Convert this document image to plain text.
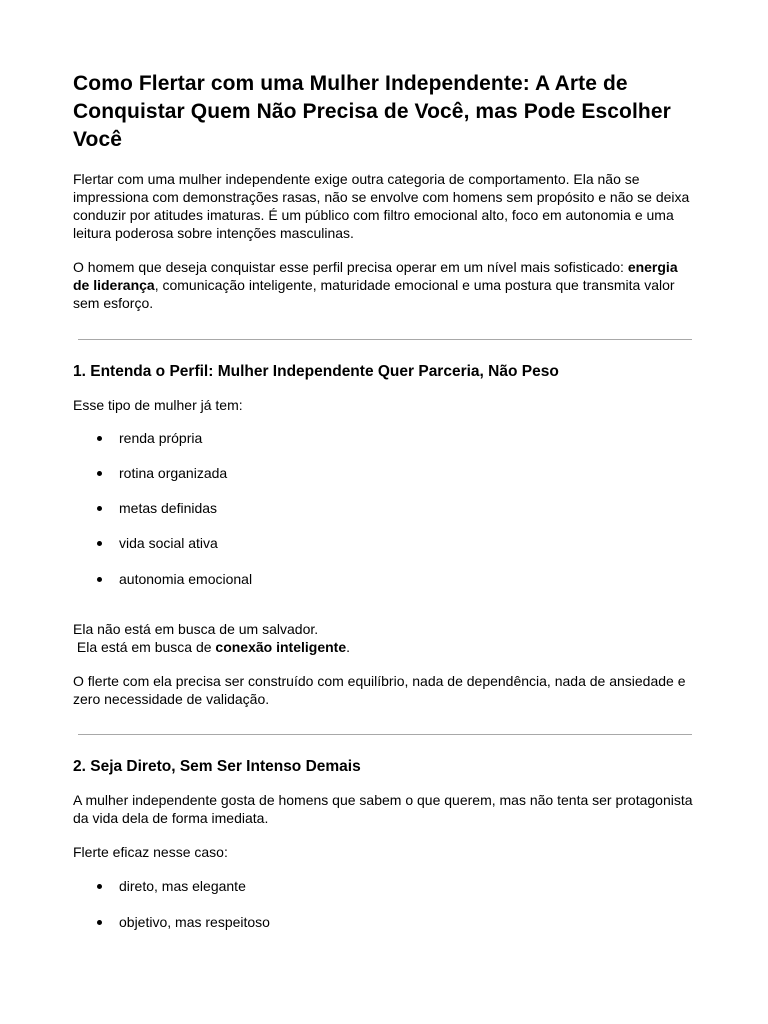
Como Flertar com uma Mulher Independente: A Arte de Conquistar Quem Não Precisa de Você, mas Pode Escolher Você

Flertar com uma mulher independente exige outra categoria de comportamento. Ela não se impressiona com demonstrações rasas, não se envolve com homens sem propósito e não se deixa conduzir por atitudes imaturas. É um público com filtro emocional alto, foco em autonomia e uma leitura poderosa sobre intenções masculinas.

O homem que deseja conquistar esse perfil precisa operar em um nível mais sofisticado: energia de liderança, comunicação inteligente, maturidade emocional e uma postura que transmita valor sem esforço.

1. Entenda o Perfil: Mulher Independente Quer Parceria, Não Peso

Esse tipo de mulher já tem:

renda própria
rotina organizada
metas definidas
vida social ativa
autonomia emocional

Ela não está em busca de um salvador.

Ela está em busca de conexão inteligente.

O flerte com ela precisa ser construído com equilíbrio, nada de dependência, nada de ansiedade e zero necessidade de validação.

2. Seja Direto, Sem Ser Intenso Demais

A mulher independente gosta de homens que sabem o que querem, mas não tenta ser protagonista da vida dela de forma imediata.

Flerte eficaz nesse caso:

direto, mas elegante
objetivo, mas respeitoso
